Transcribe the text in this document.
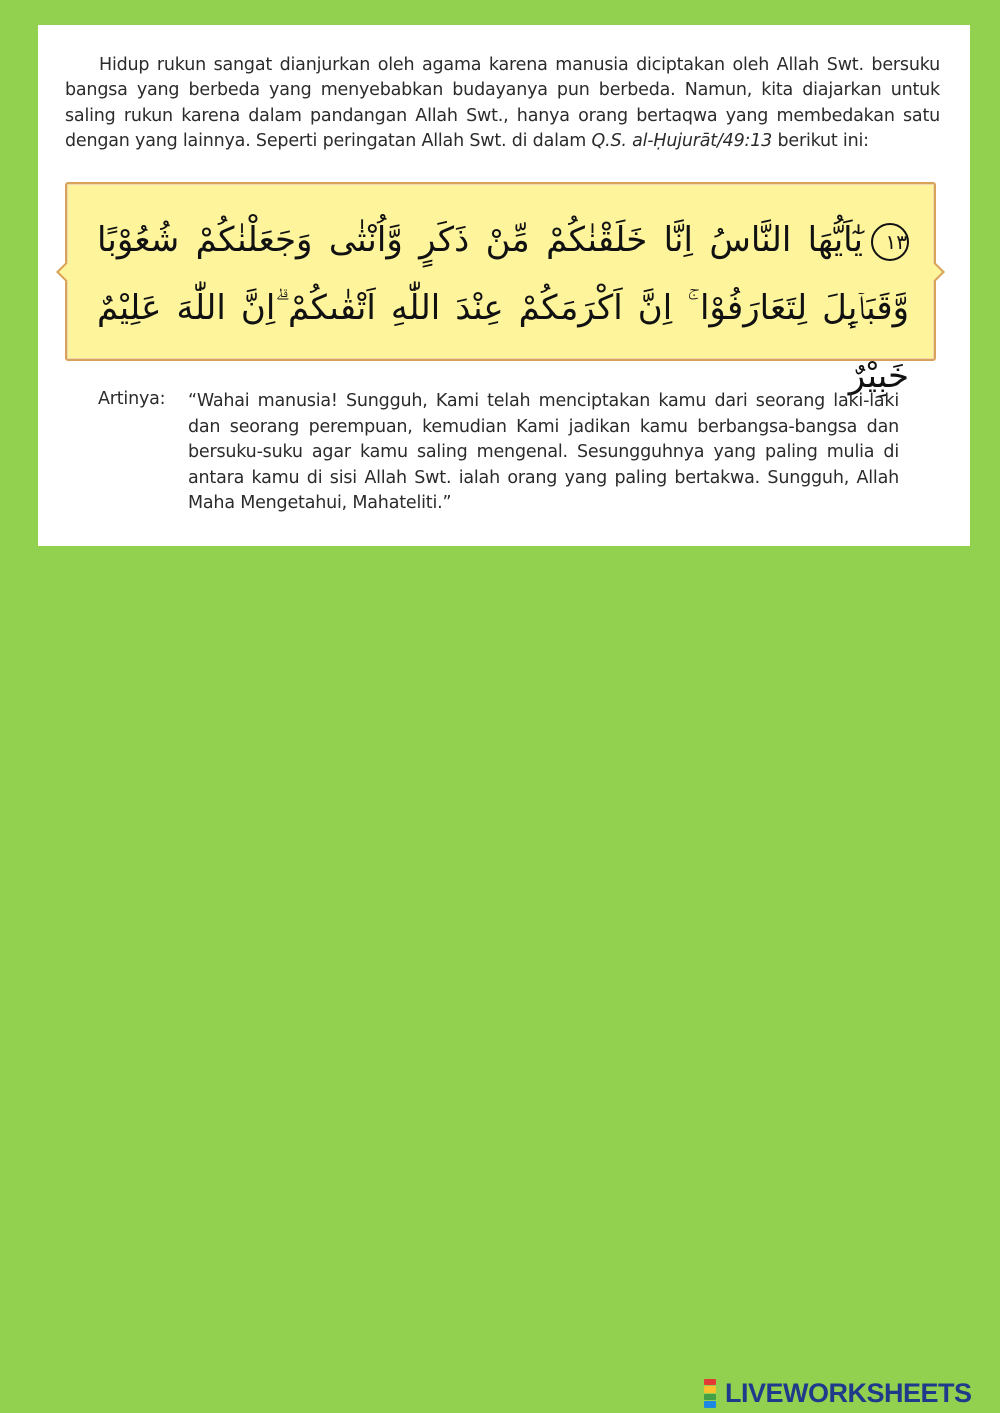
Hidup rukun sangat dianjurkan oleh agama karena manusia diciptakan oleh Allah Swt. bersuku bangsa yang berbeda yang menyebabkan budayanya pun berbeda. Namun, kita diajarkan untuk saling rukun karena dalam pandangan Allah Swt., hanya orang bertaqwa yang membedakan satu dengan yang lainnya. Seperti peringatan Allah Swt. di dalam Q.S. al-Ḥujurāt/49:13 berikut ini:

١٣يٰٓاَيُّهَا النَّاسُ اِنَّا خَلَقْنٰكُمْ مِّنْ ذَكَرٍ وَّاُنْثٰى وَجَعَلْنٰكُمْ شُعُوْبًا وَّقَبَاۤىِٕلَ لِتَعَارَفُوْا ۚ اِنَّ اَكْرَمَكُمْ عِنْدَ اللّٰهِ اَتْقٰىكُمْ ۗاِنَّ اللّٰهَ عَلِيْمٌ خَبِيْرٌ
Artinya: “Wahai manusia! Sungguh, Kami telah menciptakan kamu dari seorang laki-laki dan seorang perempuan, kemudian Kami jadikan kamu berbangsa-bangsa dan bersuku-suku agar kamu saling mengenal. Sesungguhnya yang paling mulia di antara kamu di sisi Allah Swt. ialah orang yang paling bertakwa. Sungguh, Allah Maha Mengetahui, Mahateliti.”
LIVEWORKSHEETS
